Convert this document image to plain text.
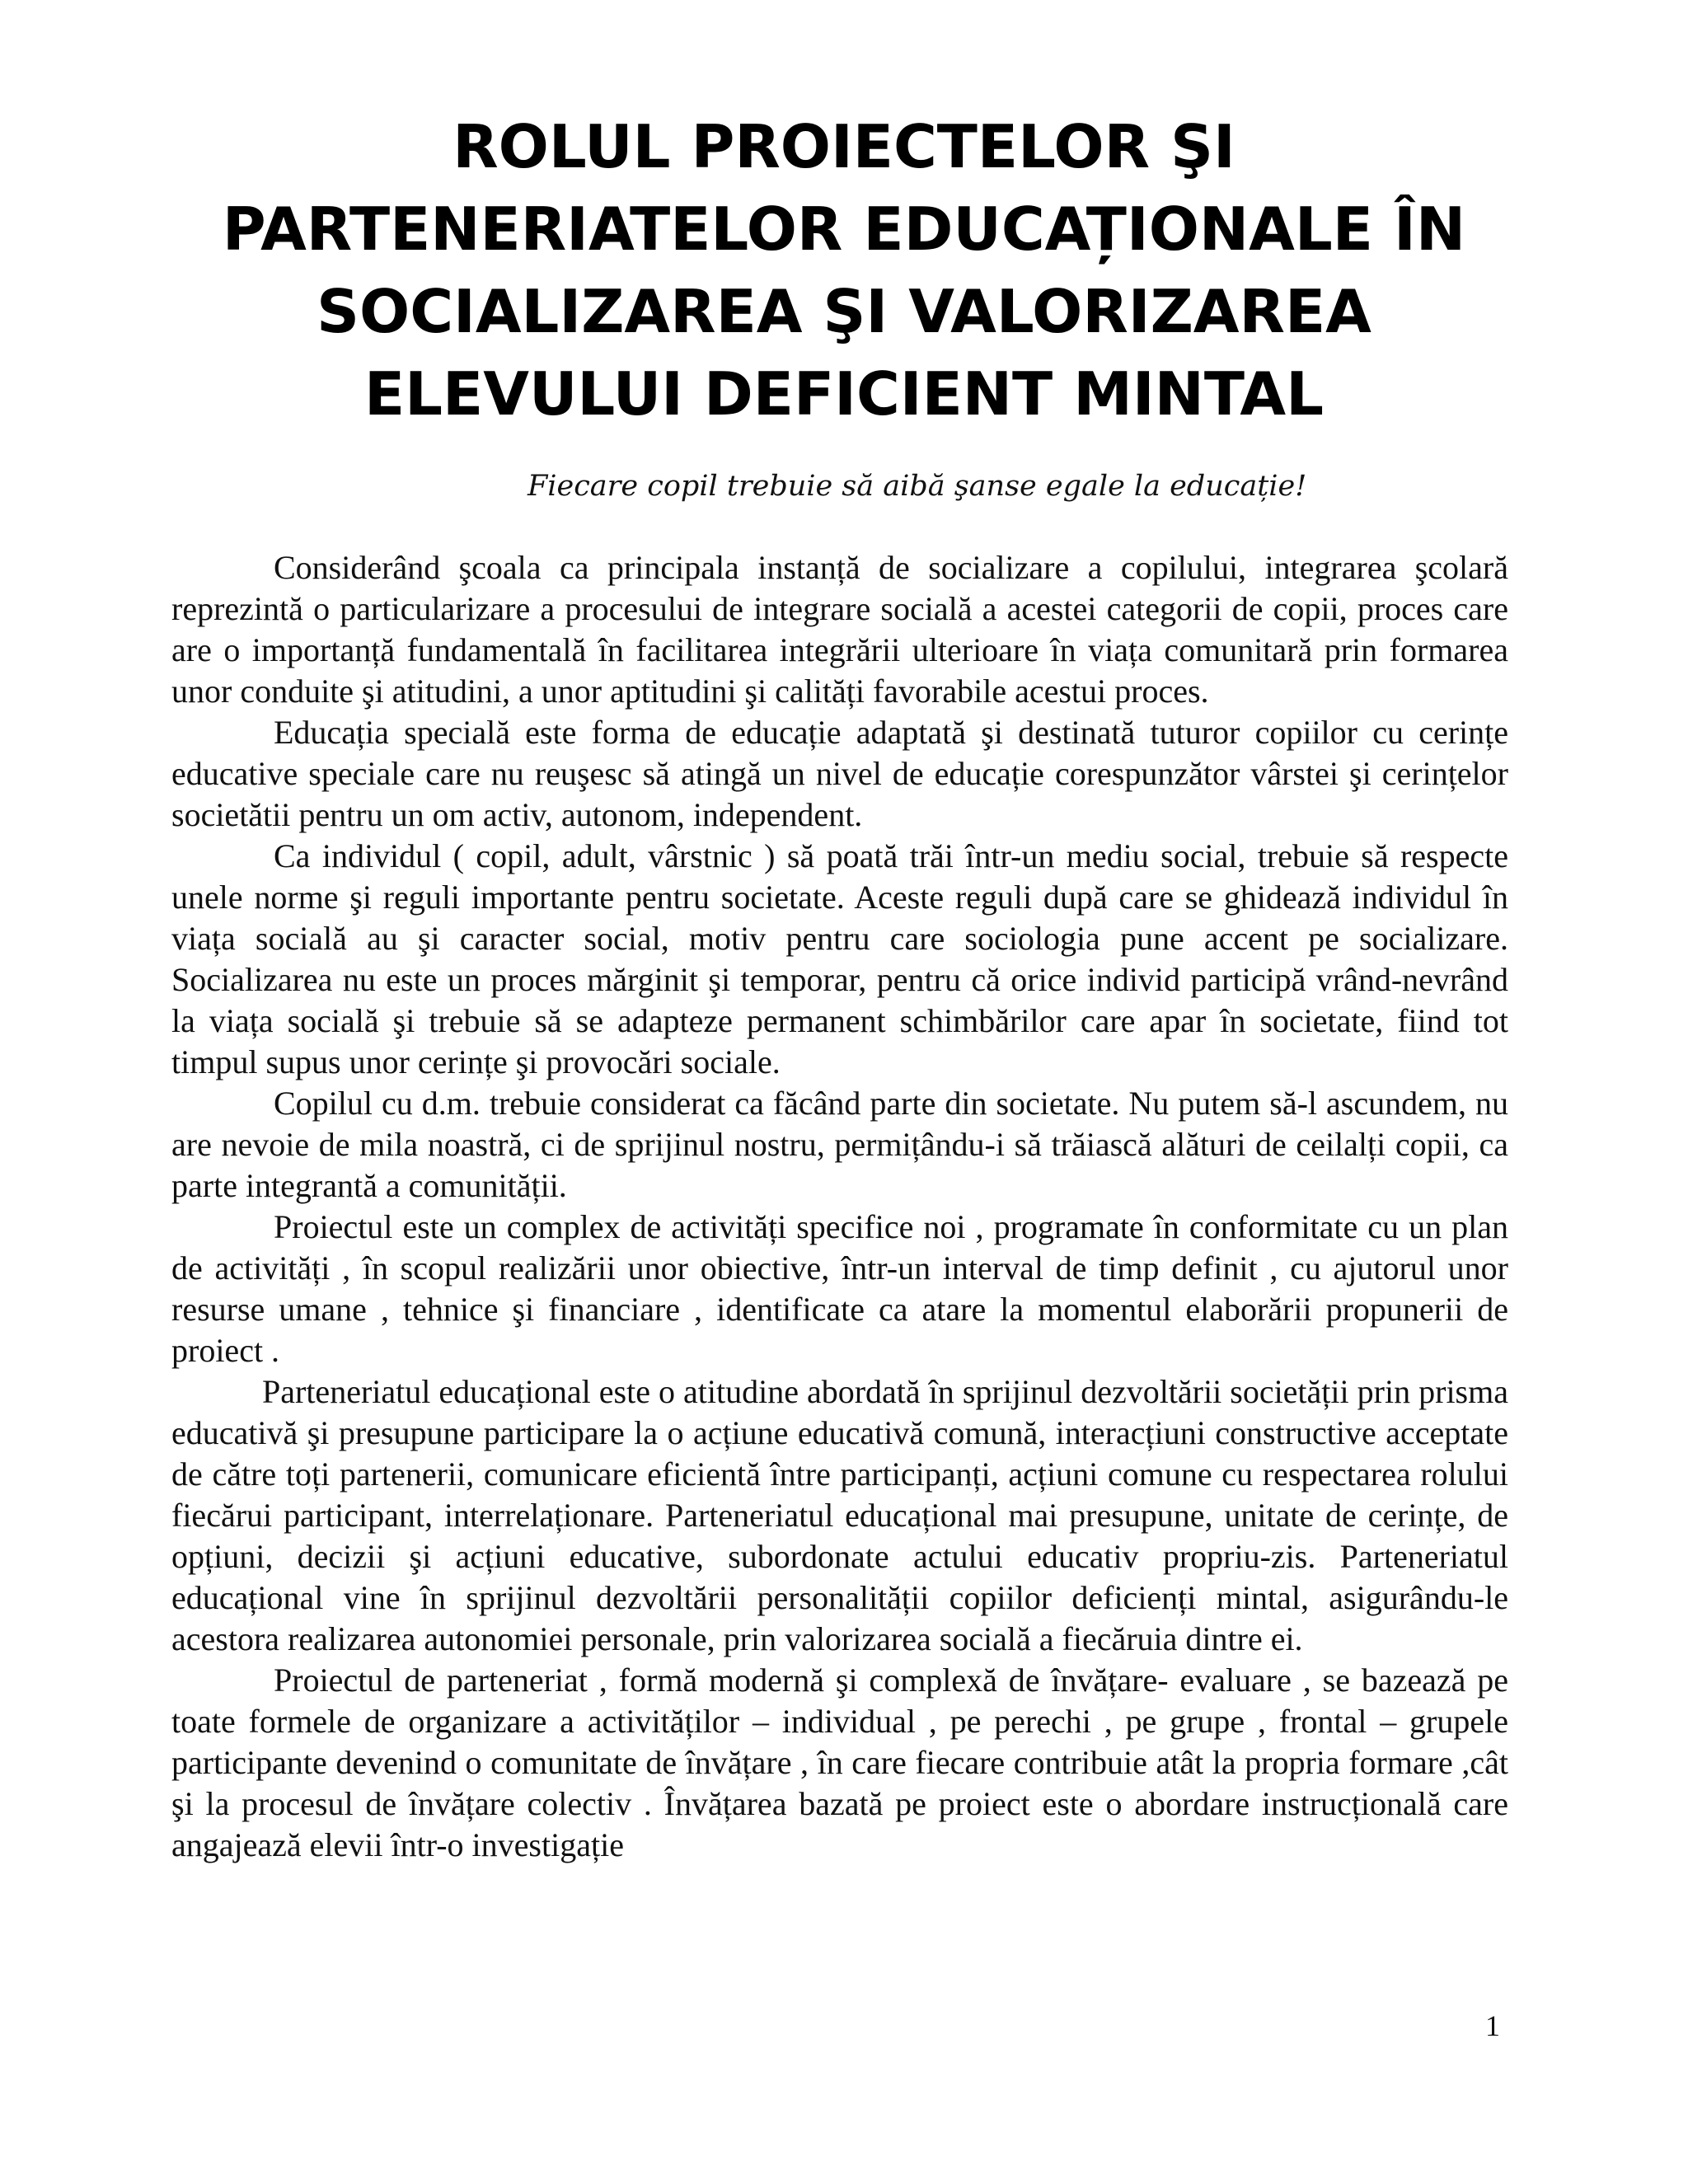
ROLUL PROIECTELOR ŞI
PARTENERIATELOR EDUCAȚIONALE ÎN
SOCIALIZAREA ŞI VALORIZAREA
ELEVULUI DEFICIENT MINTAL

Fiecare copil trebuie să aibă şanse egale la educație!

Considerând şcoala ca principala instanță de socializare a copilului, integrarea şcolară reprezintă o particularizare a procesului de integrare socială a acestei categorii de copii, proces care are o importanță fundamentală în facilitarea integrării ulterioare în viața comunitară prin formarea unor conduite şi atitudini, a unor aptitudini şi calități favorabile acestui proces.

Educația specială este forma de educație adaptată şi destinată tuturor copiilor cu cerințe educative speciale care nu reuşesc să atingă un nivel de educație corespunzător vârstei şi cerințelor societătii pentru un om activ, autonom, independent.

Ca individul ( copil, adult, vârstnic ) să poată trăi într-un mediu social, trebuie să respecte unele norme şi reguli importante pentru societate. Aceste reguli după care se ghidează individul în viața socială au şi caracter social, motiv pentru care sociologia pune accent pe socializare. Socializarea nu este un proces mărginit şi temporar, pentru că orice individ participă vrând-nevrând la viața socială şi trebuie să se adapteze permanent schimbărilor care apar în societate, fiind tot timpul supus unor cerințe şi provocări sociale.

Copilul cu d.m. trebuie considerat ca făcând parte din societate. Nu putem să-l ascundem, nu are nevoie de mila noastră, ci de sprijinul nostru, permițându-i să trăiască alături de ceilalți copii, ca parte integrantă a comunității.

Proiectul este un complex de activități specifice noi , programate în conformitate cu un plan de activități , în scopul realizării unor obiective, într-un interval de timp definit , cu ajutorul unor resurse umane , tehnice şi financiare , identificate ca atare la momentul elaborării propunerii de proiect .

Parteneriatul educațional este o atitudine abordată în sprijinul dezvoltării societății prin prisma educativă şi presupune participare la o acțiune educativă comună, interacțiuni constructive acceptate de către toți partenerii, comunicare eficientă între participanți, acțiuni comune cu respectarea rolului fiecărui participant, interrelaționare. Parteneriatul educațional mai presupune, unitate de cerințe, de opțiuni, decizii şi acțiuni educative, subordonate actului educativ propriu-zis. Parteneriatul educațional vine în sprijinul dezvoltării personalității copiilor deficienți mintal, asigurându-le acestora realizarea autonomiei personale, prin valorizarea socială a fiecăruia dintre ei.

Proiectul de parteneriat , formă modernă şi complexă de învățare- evaluare , se bazează pe toate formele de organizare a activităților – individual , pe perechi , pe grupe , frontal – grupele participante devenind o comunitate de învățare , în care fiecare contribuie atât la propria formare ,cât şi la procesul de învățare colectiv . Învățarea bazată pe proiect este o abordare instrucțională care angajează elevii într-o investigație

1
